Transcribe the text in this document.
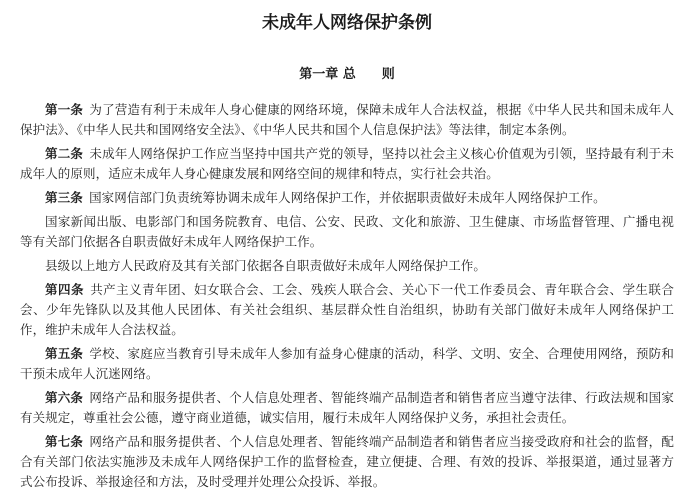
未成年人网络保护条例
第一章 总　　则

第一条 为了营造有利于未成年人身心健康的网络环境，保障未成年人合法权益，根据《中华人民共和国未成年人保护法》、《中华人民共和国网络安全法》、《中华人民共和国个人信息保护法》等法律，制定本条例。

第二条 未成年人网络保护工作应当坚持中国共产党的领导，坚持以社会主义核心价值观为引领，坚持最有利于未成年人的原则，适应未成年人身心健康发展和网络空间的规律和特点，实行社会共治。

第三条 国家网信部门负责统筹协调未成年人网络保护工作，并依据职责做好未成年人网络保护工作。

国家新闻出版、电影部门和国务院教育、电信、公安、民政、文化和旅游、卫生健康、市场监督管理、广播电视等有关部门依据各自职责做好未成年人网络保护工作。

县级以上地方人民政府及其有关部门依据各自职责做好未成年人网络保护工作。

第四条 共产主义青年团、妇女联合会、工会、残疾人联合会、关心下一代工作委员会、青年联合会、学生联合会、少年先锋队以及其他人民团体、有关社会组织、基层群众性自治组织，协助有关部门做好未成年人网络保护工作，维护未成年人合法权益。

第五条 学校、家庭应当教育引导未成年人参加有益身心健康的活动，科学、文明、安全、合理使用网络，预防和干预未成年人沉迷网络。

第六条 网络产品和服务提供者、个人信息处理者、智能终端产品制造者和销售者应当遵守法律、行政法规和国家有关规定，尊重社会公德，遵守商业道德，诚实信用，履行未成年人网络保护义务，承担社会责任。

第七条 网络产品和服务提供者、个人信息处理者、智能终端产品制造者和销售者应当接受政府和社会的监督，配合有关部门依法实施涉及未成年人网络保护工作的监督检查，建立便捷、合理、有效的投诉、举报渠道，通过显著方式公布投诉、举报途径和方法，及时受理并处理公众投诉、举报。
